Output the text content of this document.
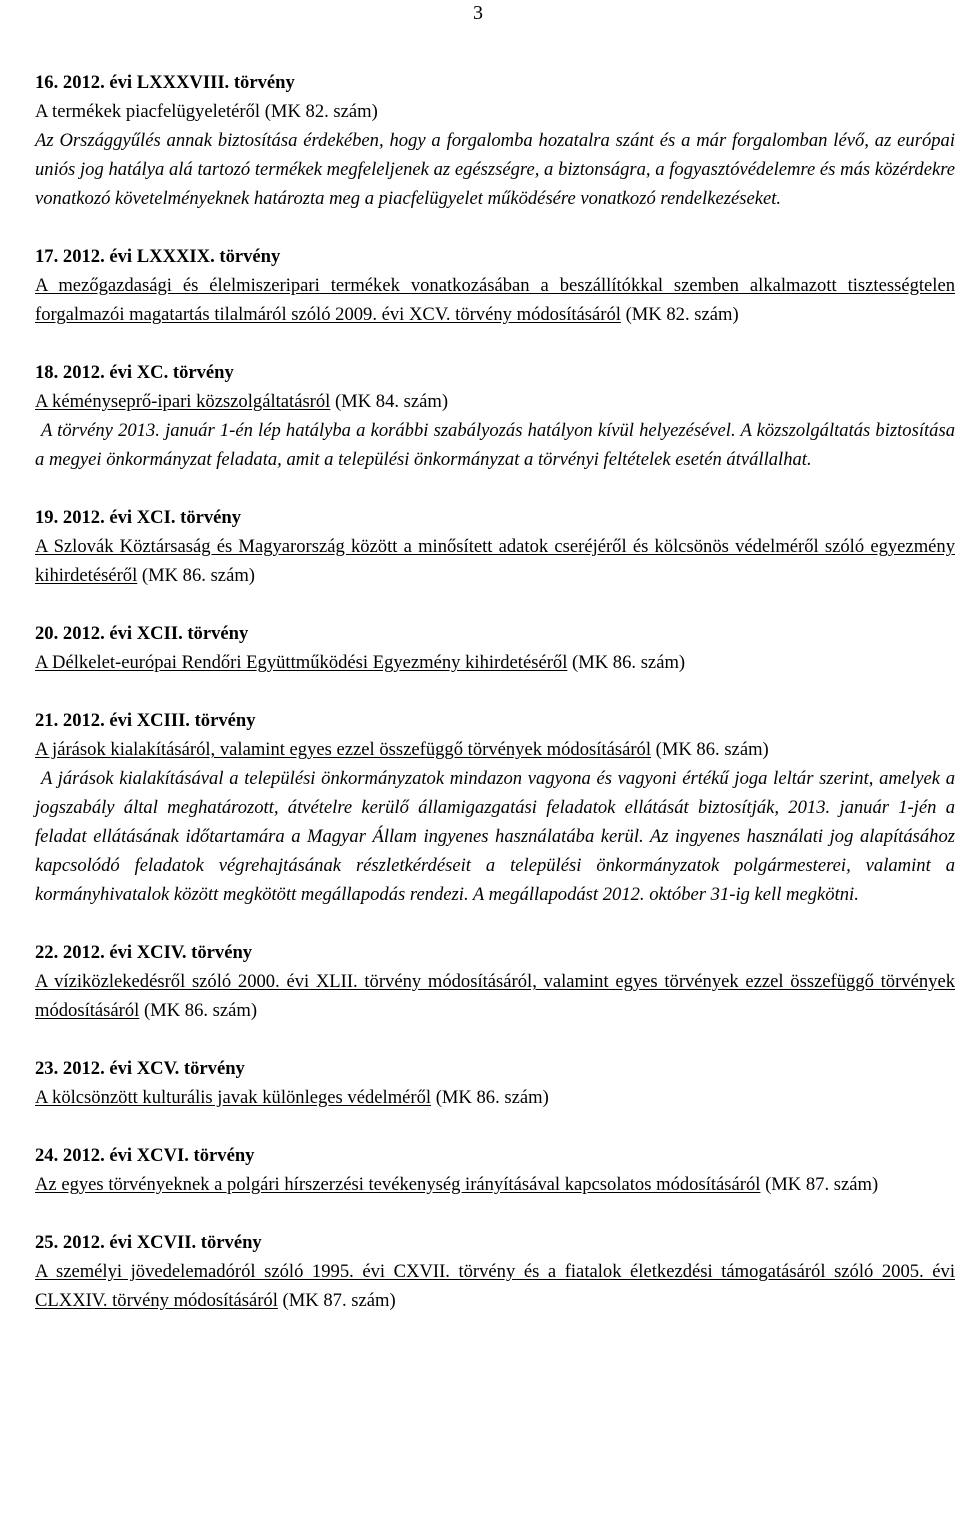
3

16. 2012. évi LXXXVIII. törvény

A termékek piacfelügyeletéről (MK 82. szám)

Az Országgyűlés annak biztosítása érdekében, hogy a forgalomba hozatalra szánt és a már forgalomban lévő, az európai uniós jog hatálya alá tartozó termékek megfeleljenek az egészségre, a biztonságra, a fogyasztóvédelemre és más közérdekre vonatkozó követelményeknek határozta meg a piacfelügyelet működésére vonatkozó rendelkezéseket.

17. 2012. évi LXXXIX. törvény

A mezőgazdasági és élelmiszeripari termékek vonatkozásában a beszállítókkal szemben alkalmazott tisztességtelen forgalmazói magatartás tilalmáról szóló 2009. évi XCV. törvény módosításáról (MK 82. szám)

18. 2012. évi XC. törvény

A kéményseprő-ipari közszolgáltatásról (MK 84. szám)

A törvény 2013. január 1-én lép hatályba a korábbi szabályozás hatályon kívül helyezésével. A közszolgáltatás biztosítása a megyei önkormányzat feladata, amit a települési önkormányzat a törvényi feltételek esetén átvállalhat.

19. 2012. évi XCI. törvény

A Szlovák Köztársaság és Magyarország között a minősített adatok cseréjéről és kölcsönös védelméről szóló egyezmény kihirdetéséről (MK 86. szám)

20. 2012. évi XCII. törvény

A Délkelet-európai Rendőri Együttműködési Egyezmény kihirdetéséről (MK 86. szám)

21. 2012. évi XCIII. törvény

A járások kialakításáról, valamint egyes ezzel összefüggő törvények módosításáról (MK 86. szám)

A járások kialakításával a települési önkormányzatok mindazon vagyona és vagyoni értékű joga leltár szerint, amelyek a jogszabály által meghatározott, átvételre kerülő államigazgatási feladatok ellátását biztosítják, 2013. január 1-jén a feladat ellátásának időtartamára a Magyar Állam ingyenes használatába kerül. Az ingyenes használati jog alapításához kapcsolódó feladatok végrehajtásának részletkérdéseit a települési önkormányzatok polgármesterei, valamint a kormányhivatalok között megkötött megállapodás rendezi. A megállapodást 2012. október 31-ig kell megkötni.

22. 2012. évi XCIV. törvény

A víziközlekedésről szóló 2000. évi XLII. törvény módosításáról, valamint egyes törvények ezzel összefüggő törvények módosításáról (MK 86. szám)

23. 2012. évi XCV. törvény

A kölcsönzött kulturális javak különleges védelméről (MK 86. szám)

24. 2012. évi XCVI. törvény

Az egyes törvényeknek a polgári hírszerzési tevékenység irányításával kapcsolatos módosításáról (MK 87. szám)

25. 2012. évi XCVII. törvény

A személyi jövedelemadóról szóló 1995. évi CXVII. törvény és a fiatalok életkezdési támogatásáról szóló 2005. évi CLXXIV. törvény módosításáról (MK 87. szám)
